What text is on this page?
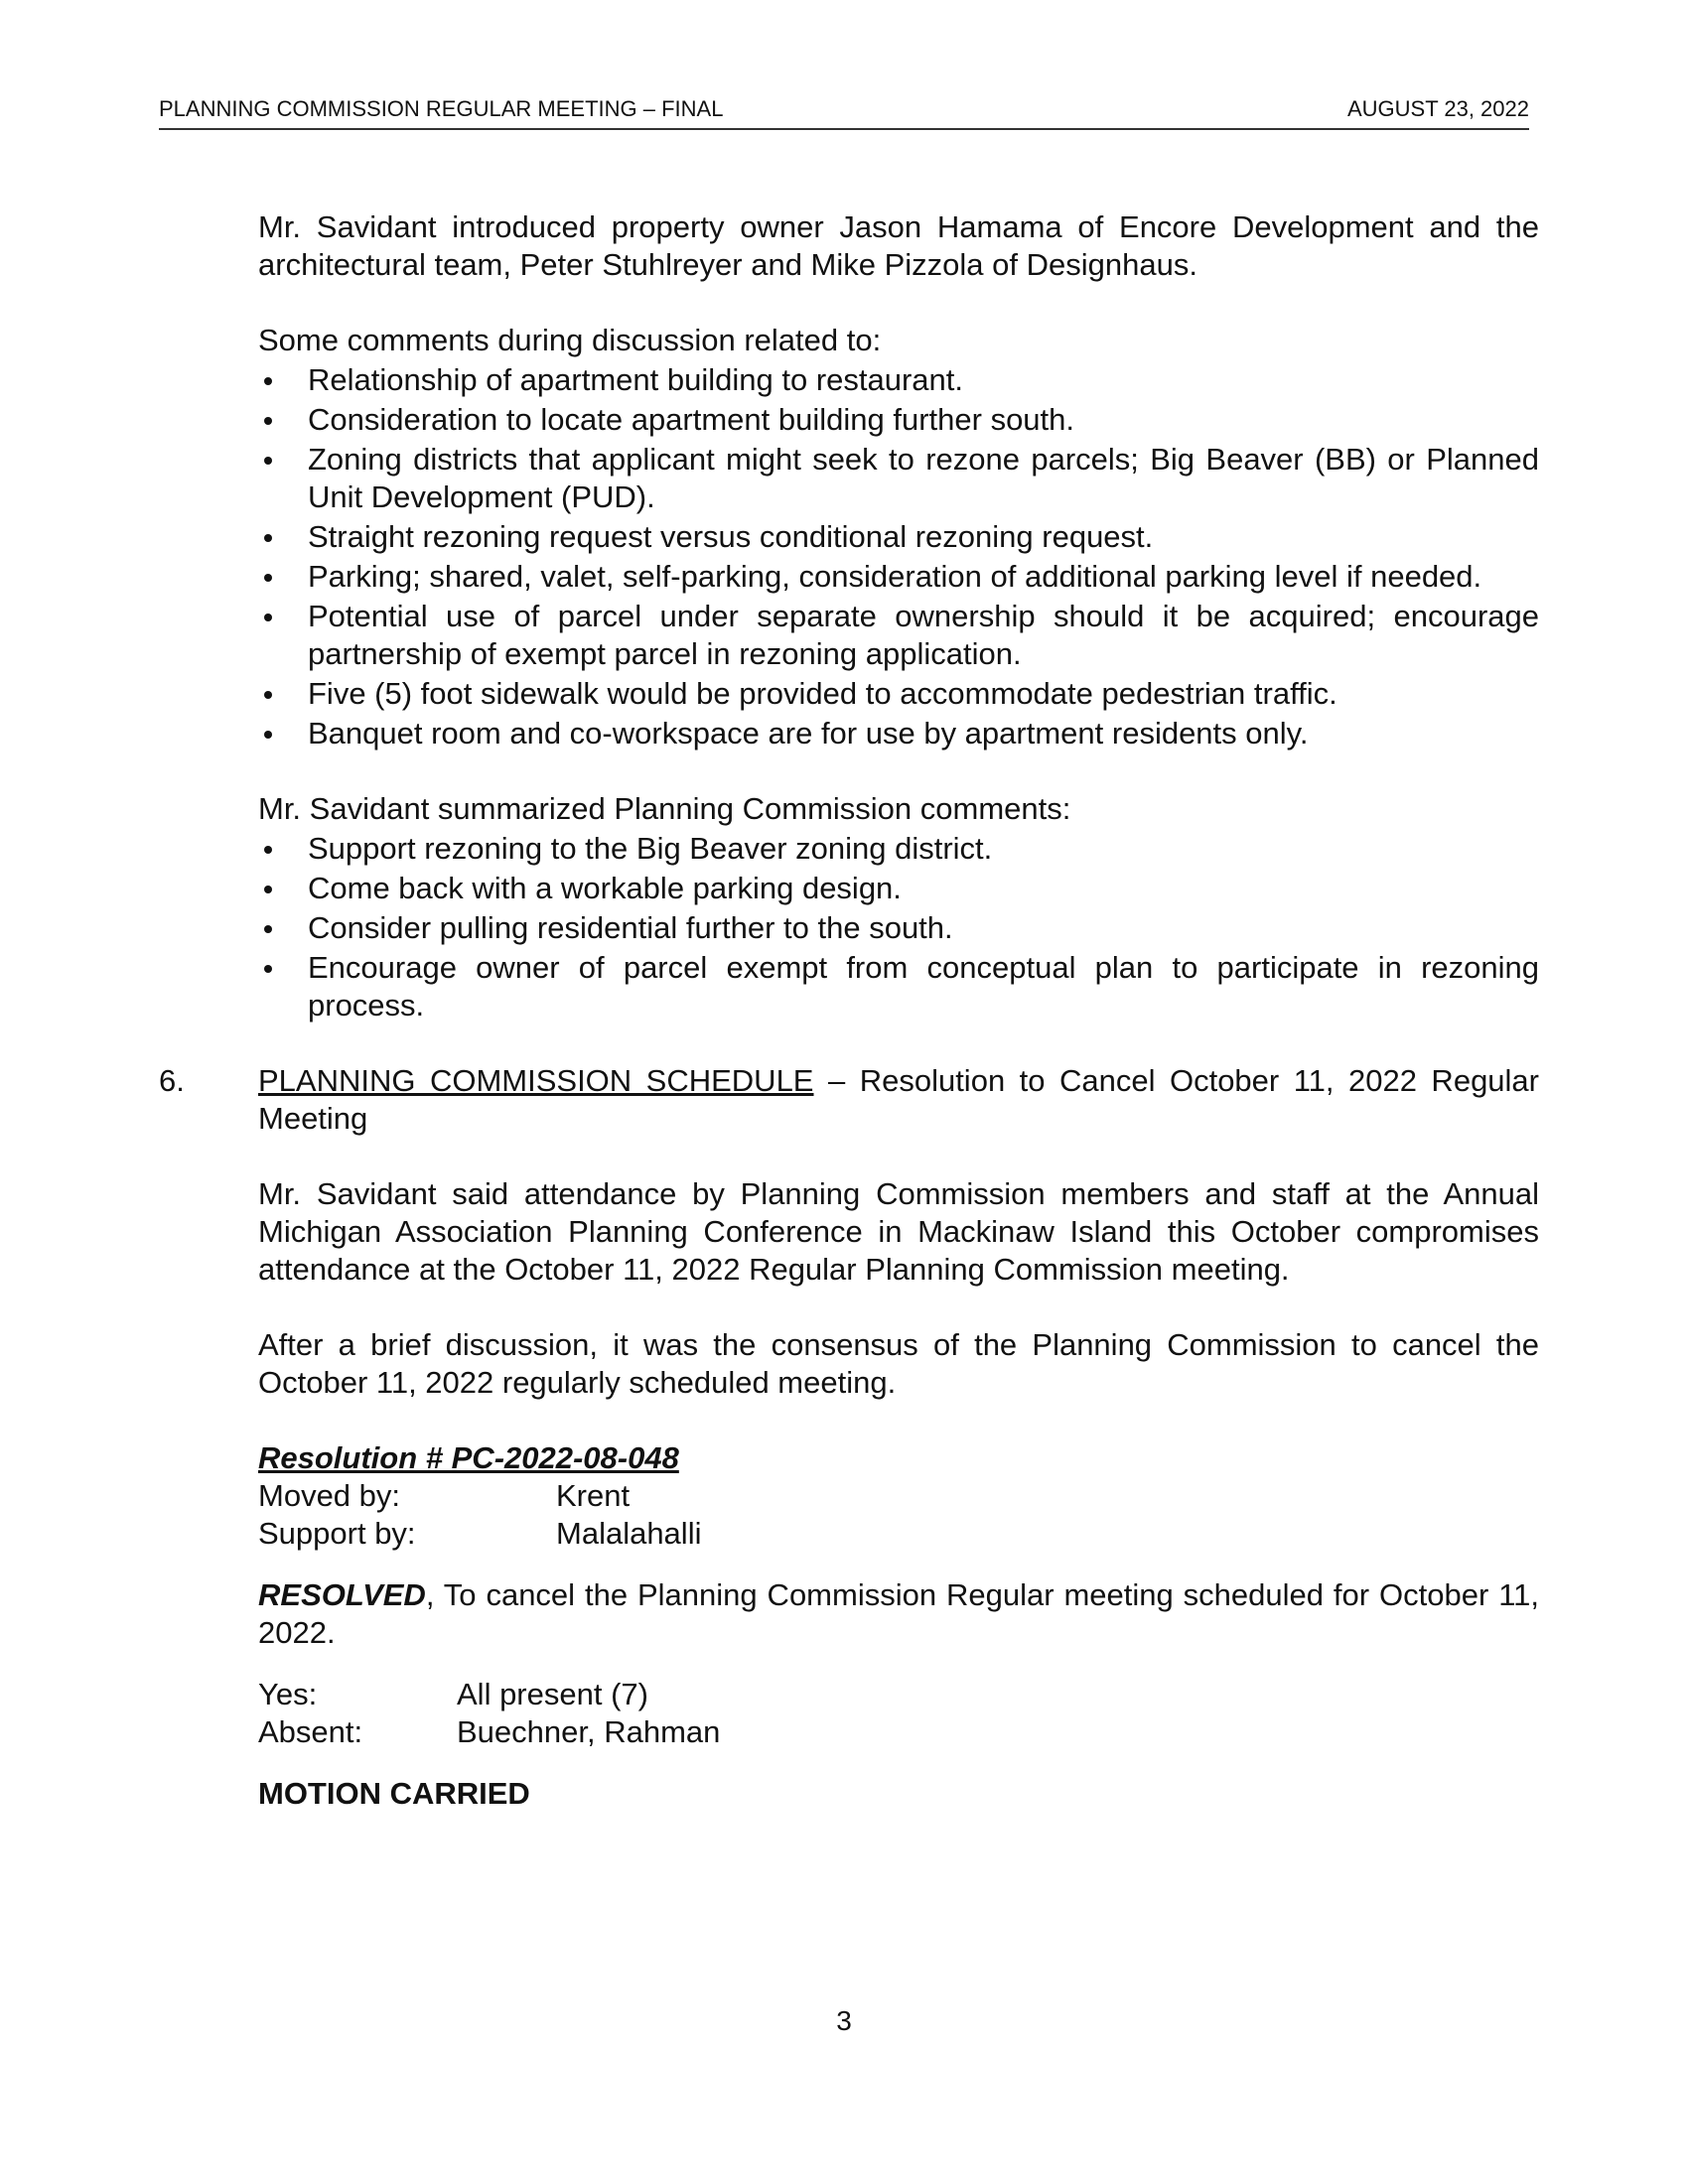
PLANNING COMMISSION REGULAR MEETING – FINAL	AUGUST 23, 2022

Mr. Savidant introduced property owner Jason Hamama of Encore Development and the architectural team, Peter Stuhlreyer and Mike Pizzola of Designhaus.

Some comments during discussion related to:

Relationship of apartment building to restaurant.
Consideration to locate apartment building further south.
Zoning districts that applicant might seek to rezone parcels; Big Beaver (BB) or Planned Unit Development (PUD).
Straight rezoning request versus conditional rezoning request.
Parking; shared, valet, self-parking, consideration of additional parking level if needed.
Potential use of parcel under separate ownership should it be acquired; encourage partnership of exempt parcel in rezoning application.
Five (5) foot sidewalk would be provided to accommodate pedestrian traffic.
Banquet room and co-workspace are for use by apartment residents only.

Mr. Savidant summarized Planning Commission comments:

Support rezoning to the Big Beaver zoning district.
Come back with a workable parking design.
Consider pulling residential further to the south.
Encourage owner of parcel exempt from conceptual plan to participate in rezoning process.
6. PLANNING COMMISSION SCHEDULE – Resolution to Cancel October 11, 2022 Regular Meeting

Mr. Savidant said attendance by Planning Commission members and staff at the Annual Michigan Association Planning Conference in Mackinaw Island this October compromises attendance at the October 11, 2022 Regular Planning Commission meeting.

After a brief discussion, it was the consensus of the Planning Commission to cancel the October 11, 2022 regularly scheduled meeting.

Resolution # PC-2022-08-048

Moved by:	Krent
Support by:	Malalahalli

RESOLVED, To cancel the Planning Commission Regular meeting scheduled for October 11, 2022.

Yes:	All present (7)
Absent:	Buechner, Rahman

MOTION CARRIED

3
